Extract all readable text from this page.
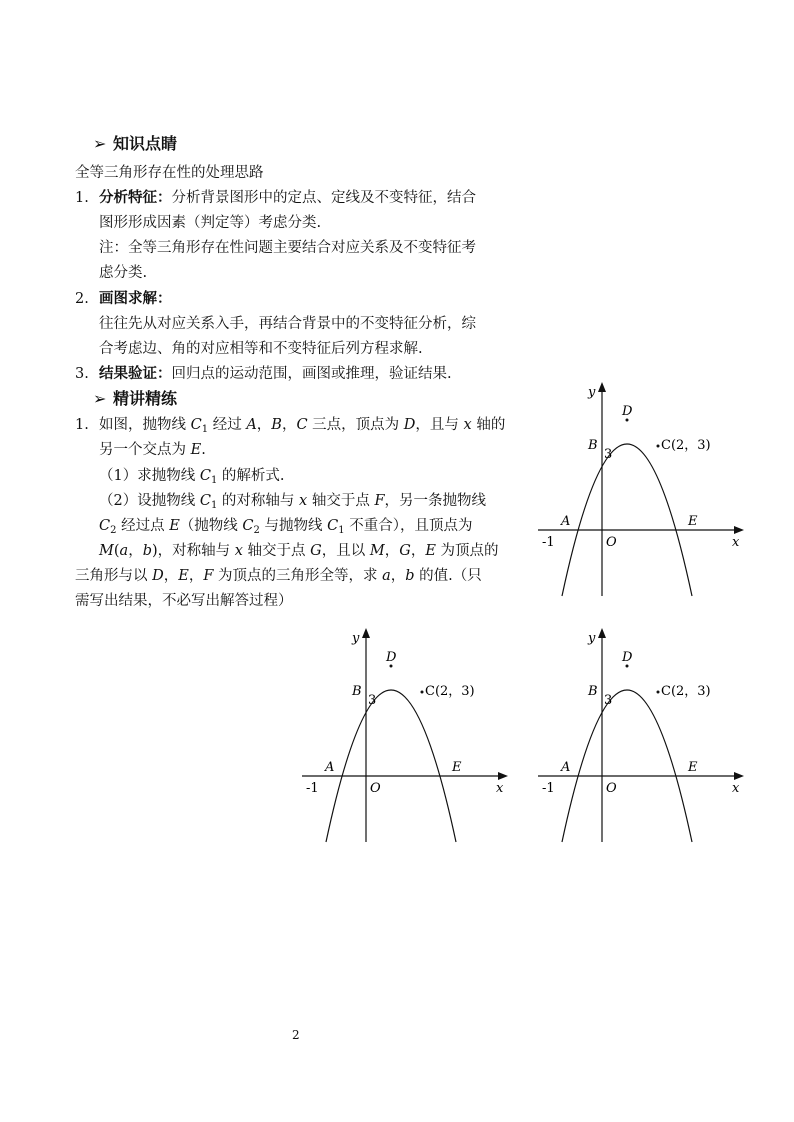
➢ 知识点睛
全等三角形存在性的处理思路
1. 分析特征：分析背景图形中的定点、定线及不变特征，结合
图形形成因素（判定等）考虑分类.
注：全等三角形存在性问题主要结合对应关系及不变特征考
虑分类.
2. 画图求解：
往往先从对应关系入手，再结合背景中的不变特征分析，综
合考虑边、角的对应相等和不变特征后列方程求解.
3. 结果验证：回归点的运动范围，画图或推理，验证结果.
➢ 精讲精练
1. 如图，抛物线 $C_1$ 经过 A，B，C 三点，顶点为 D，且与 x 轴的
另一个交点为 E.
（1）求抛物线 $C_1$ 的解析式.
（2）设抛物线 $C_1$ 的对称轴与 x 轴交于点 F，另一条抛物线
$C_2$ 经过点 E（抛物线 $C_2$ 与抛物线 $C_1$ 不重合），且顶点为
M(a，b)，对称轴与 x 轴交于点 G，且以 M，G，E 为顶点的
三角形与以 D，E，F 为顶点的三角形全等，求 a，b 的值.（只
需写出结果，不必写出解答过程）
y
x
D
C(2，3)
B
3
A	E
-1	O
y
x
D
C(2，3)
B
3
A	E
-1	O
y
x
D
C(2，3)
B
3
A	E
-1	O
2
